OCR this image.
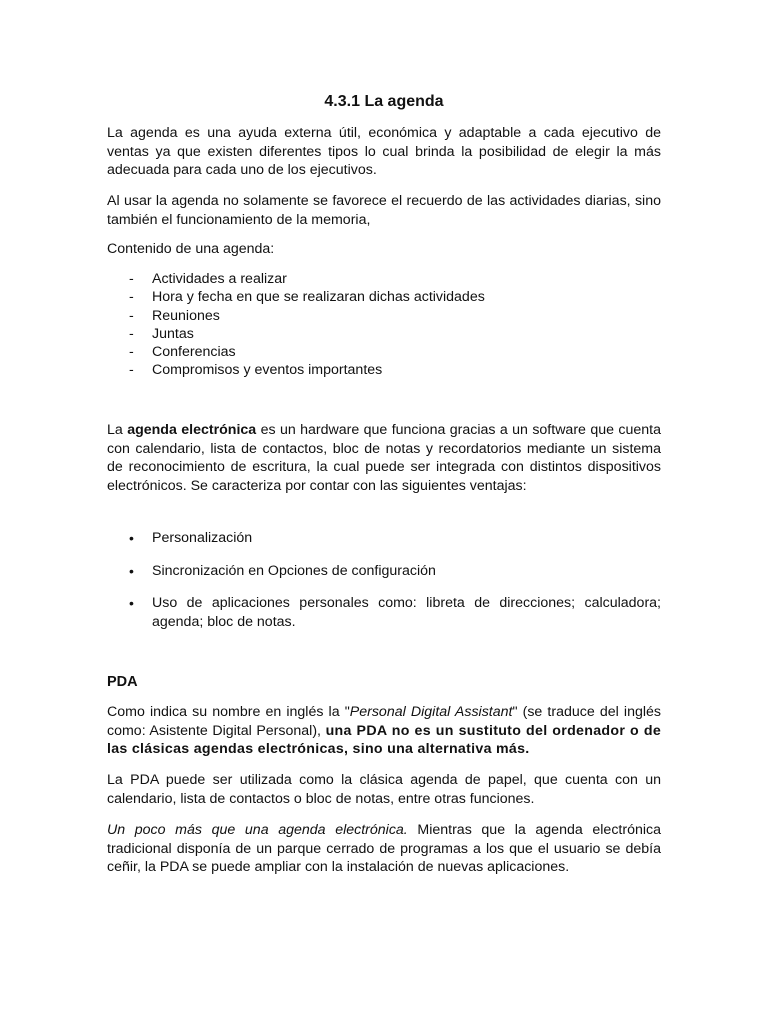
4.3.1 La agenda

La agenda es una ayuda externa útil, económica y adaptable a cada ejecutivo de ventas ya que existen diferentes tipos lo cual brinda la posibilidad de elegir la más adecuada para cada uno de los ejecutivos.

Al usar la agenda no solamente se favorece el recuerdo de las actividades diarias, sino también el funcionamiento de la memoria,

Contenido de una agenda:

- Actividades a realizar
- Hora y fecha en que se realizaran dichas actividades
- Reuniones
- Juntas
- Conferencias
- Compromisos y eventos importantes

La agenda electrónica es un hardware que funciona gracias a un software que cuenta con calendario, lista de contactos, bloc de notas y recordatorios mediante un sistema de reconocimiento de escritura, la cual puede ser integrada con distintos dispositivos electrónicos. Se caracteriza por contar con las siguientes ventajas:

• Personalización
• Sincronización en Opciones de configuración
• Uso de aplicaciones personales como: libreta de direcciones; calculadora; agenda; bloc de notas.
PDA

Como indica su nombre en inglés la "Personal Digital Assistant" (se traduce del inglés como: Asistente Digital Personal), una PDA no es un sustituto del ordenador o de las clásicas agendas electrónicas, sino una alternativa más.

La PDA puede ser utilizada como la clásica agenda de papel, que cuenta con un calendario, lista de contactos o bloc de notas, entre otras funciones.

Un poco más que una agenda electrónica. Mientras que la agenda electrónica tradicional disponía de un parque cerrado de programas a los que el usuario se debía ceñir, la PDA se puede ampliar con la instalación de nuevas aplicaciones.
